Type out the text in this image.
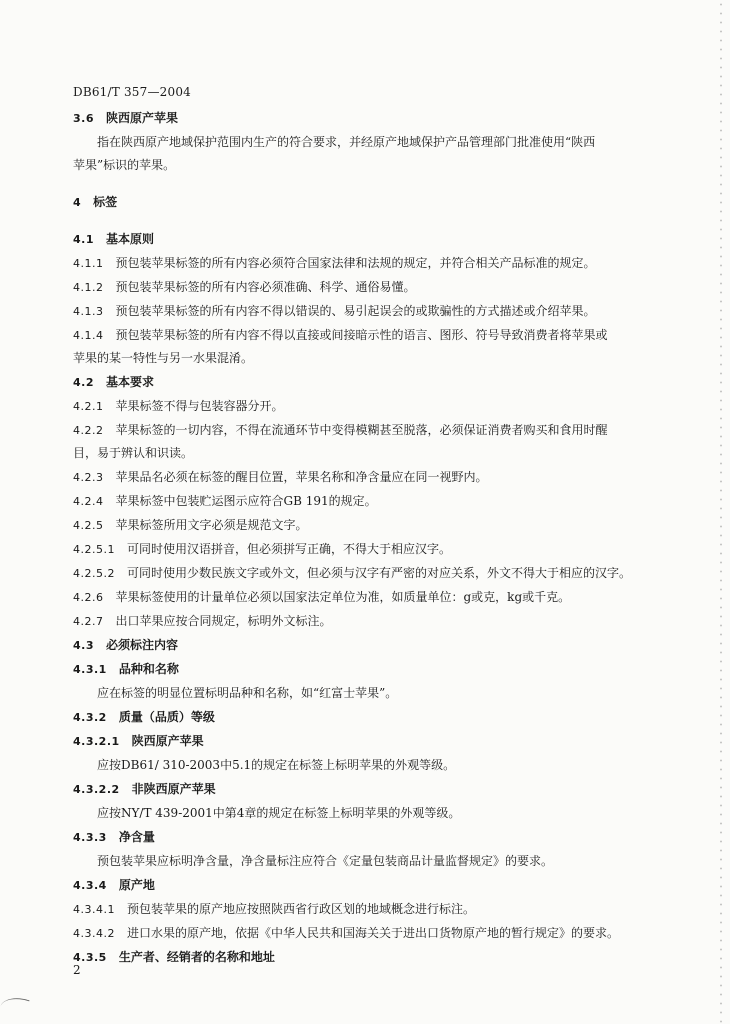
DB61/T 357—2004
3.6  陕西原产苹果
指在陕西原产地域保护范围内生产的符合要求，并经原产地域保护产品管理部门批准使用“陕西
苹果”标识的苹果。
4  标签
4.1  基本原则
4.1.1  预包装苹果标签的所有内容必须符合国家法律和法规的规定，并符合相关产品标准的规定。
4.1.2  预包装苹果标签的所有内容必须准确、科学、通俗易懂。
4.1.3  预包装苹果标签的所有内容不得以错误的、易引起误会的或欺骗性的方式描述或介绍苹果。
4.1.4  预包装苹果标签的所有内容不得以直接或间接暗示性的语言、图形、符号导致消费者将苹果或
苹果的某一特性与另一水果混淆。
4.2  基本要求
4.2.1  苹果标签不得与包装容器分开。
4.2.2  苹果标签的一切内容，不得在流通环节中变得模糊甚至脱落，必须保证消费者购买和食用时醒
目，易于辨认和识读。
4.2.3  苹果品名必须在标签的醒目位置，苹果名称和净含量应在同一视野内。
4.2.4  苹果标签中包装贮运图示应符合GB 191的规定。
4.2.5  苹果标签所用文字必须是规范文字。
4.2.5.1  可同时使用汉语拼音，但必须拼写正确，不得大于相应汉字。
4.2.5.2  可同时使用少数民族文字或外文，但必须与汉字有严密的对应关系，外文不得大于相应的汉字。
4.2.6  苹果标签使用的计量单位必须以国家法定单位为准，如质量单位：g或克，kg或千克。
4.2.7  出口苹果应按合同规定，标明外文标注。
4.3  必须标注内容
4.3.1  品种和名称
应在标签的明显位置标明品种和名称，如“红富士苹果”。
4.3.2  质量（品质）等级
4.3.2.1  陕西原产苹果
应按DB61/ 310-2003中5.1的规定在标签上标明苹果的外观等级。
4.3.2.2  非陕西原产苹果
应按NY/T 439-2001中第4章的规定在标签上标明苹果的外观等级。
4.3.3  净含量
预包装苹果应标明净含量，净含量标注应符合《定量包装商品计量监督规定》的要求。
4.3.4  原产地
4.3.4.1  预包装苹果的原产地应按照陕西省行政区划的地域概念进行标注。
4.3.4.2  进口水果的原产地，依据《中华人民共和国海关关于进出口货物原产地的暂行规定》的要求。
4.3.5  生产者、经销者的名称和地址
2
